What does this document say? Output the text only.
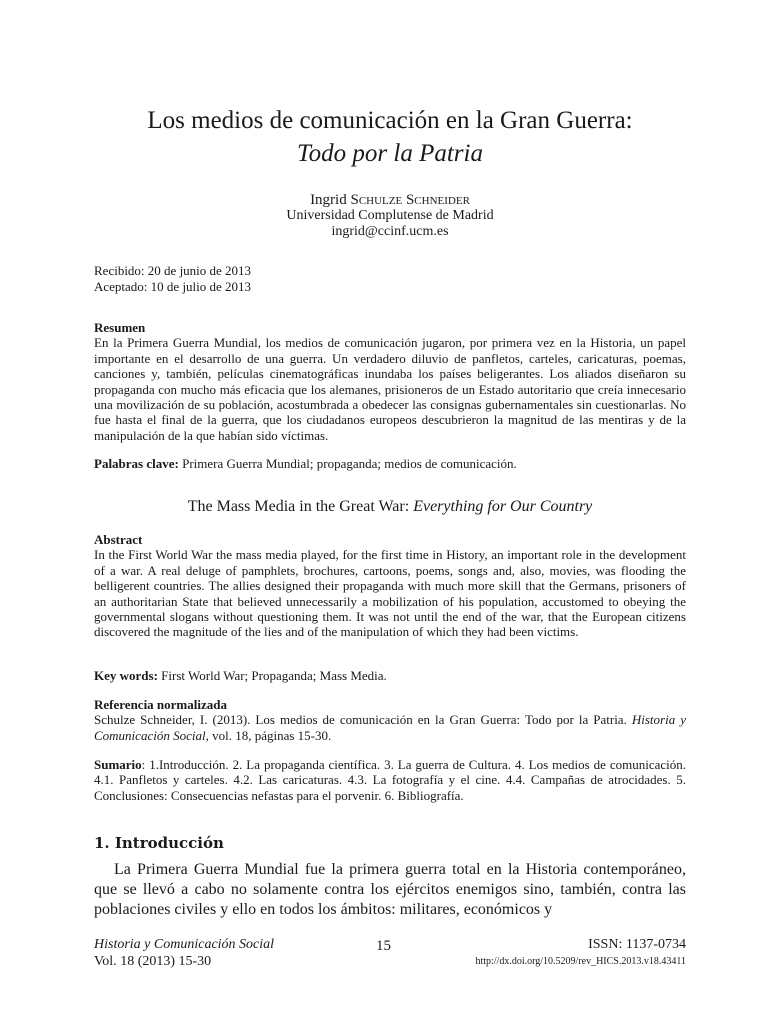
Los medios de comunicación en la Gran Guerra:
Todo por la Patria
Ingrid Schulze Schneider
Universidad Complutense de Madrid
ingrid@ccinf.ucm.es
Recibido: 20 de junio de 2013
Aceptado: 10 de julio de 2013
Resumen
En la Primera Guerra Mundial, los medios de comunicación jugaron, por primera vez en la Historia, un papel importante en el desarrollo de una guerra. Un verdadero diluvio de panfletos, carteles, caricaturas, poemas, canciones y, también, películas cinematográficas inundaba los países beligerantes. Los aliados diseñaron su propaganda con mucho más eficacia que los alemanes, prisioneros de un Estado autoritario que creía innecesario una movilización de su población, acostumbrada a obedecer las consignas gubernamentales sin cuestionarlas. No fue hasta el final de la guerra, que los ciudadanos europeos descubrieron la magnitud de las mentiras y de la manipulación de la que habían sido víctimas.
Palabras clave: Primera Guerra Mundial; propaganda; medios de comunicación.
The Mass Media in the Great War: Everything for Our Country
Abstract
In the First World War the mass media played, for the first time in History, an important role in the development of a war. A real deluge of pamphlets, brochures, cartoons, poems, songs and, also, movies, was flooding the belligerent countries. The allies designed their propaganda with much more skill that the Germans, prisoners of an authoritarian State that believed unnecessarily a mobilization of his population, accustomed to obeying the governmental slogans without questioning them. It was not until the end of the war, that the European citizens discovered the magnitude of the lies and of the manipulation of which they had been victims.
Key words: First World War; Propaganda; Mass Media.
Referencia normalizada
Schulze Schneider, I. (2013). Los medios de comunicación en la Gran Guerra: Todo por la Patria. Historia y Comunicación Social, vol. 18, páginas 15-30.
Sumario: 1.Introducción. 2. La propaganda científica. 3. La guerra de Cultura. 4. Los medios de comunicación. 4.1. Panfletos y carteles. 4.2. Las caricaturas. 4.3. La fotografía y el cine. 4.4. Campañas de atrocidades. 5. Conclusiones: Consecuencias nefastas para el porvenir. 6. Bibliografía.
1. Introducción
La Primera Guerra Mundial fue la primera guerra total en la Historia contemporáneo, que se llevó a cabo no solamente contra los ejércitos enemigos sino, también, contra las poblaciones civiles y ello en todos los ámbitos: militares, económicos y
Historia y Comunicación Social
Vol. 18 (2013) 15-30
15	ISSN: 1137-0734
http://dx.doi.org/10.5209/rev_HICS.2013.v18.43411
